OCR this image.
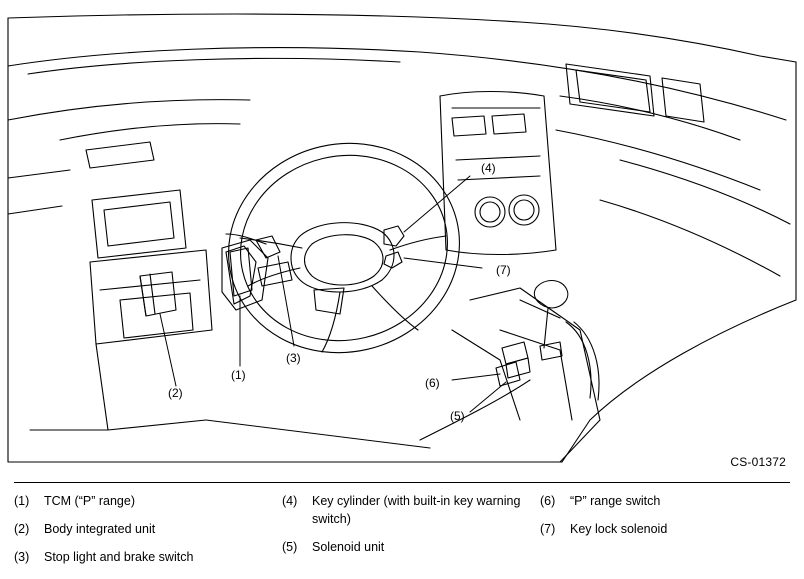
(4)
(7)
(1)
(2)
(3)
(6)
(5)
CS-01372
(1)	TCM (“P” range)
(2)	Body integrated unit
(3)	Stop light and brake switch
(4)	Key cylinder (with built-in key warning switch)
(5)	Solenoid unit
(6)	“P” range switch
(7)	Key lock solenoid
